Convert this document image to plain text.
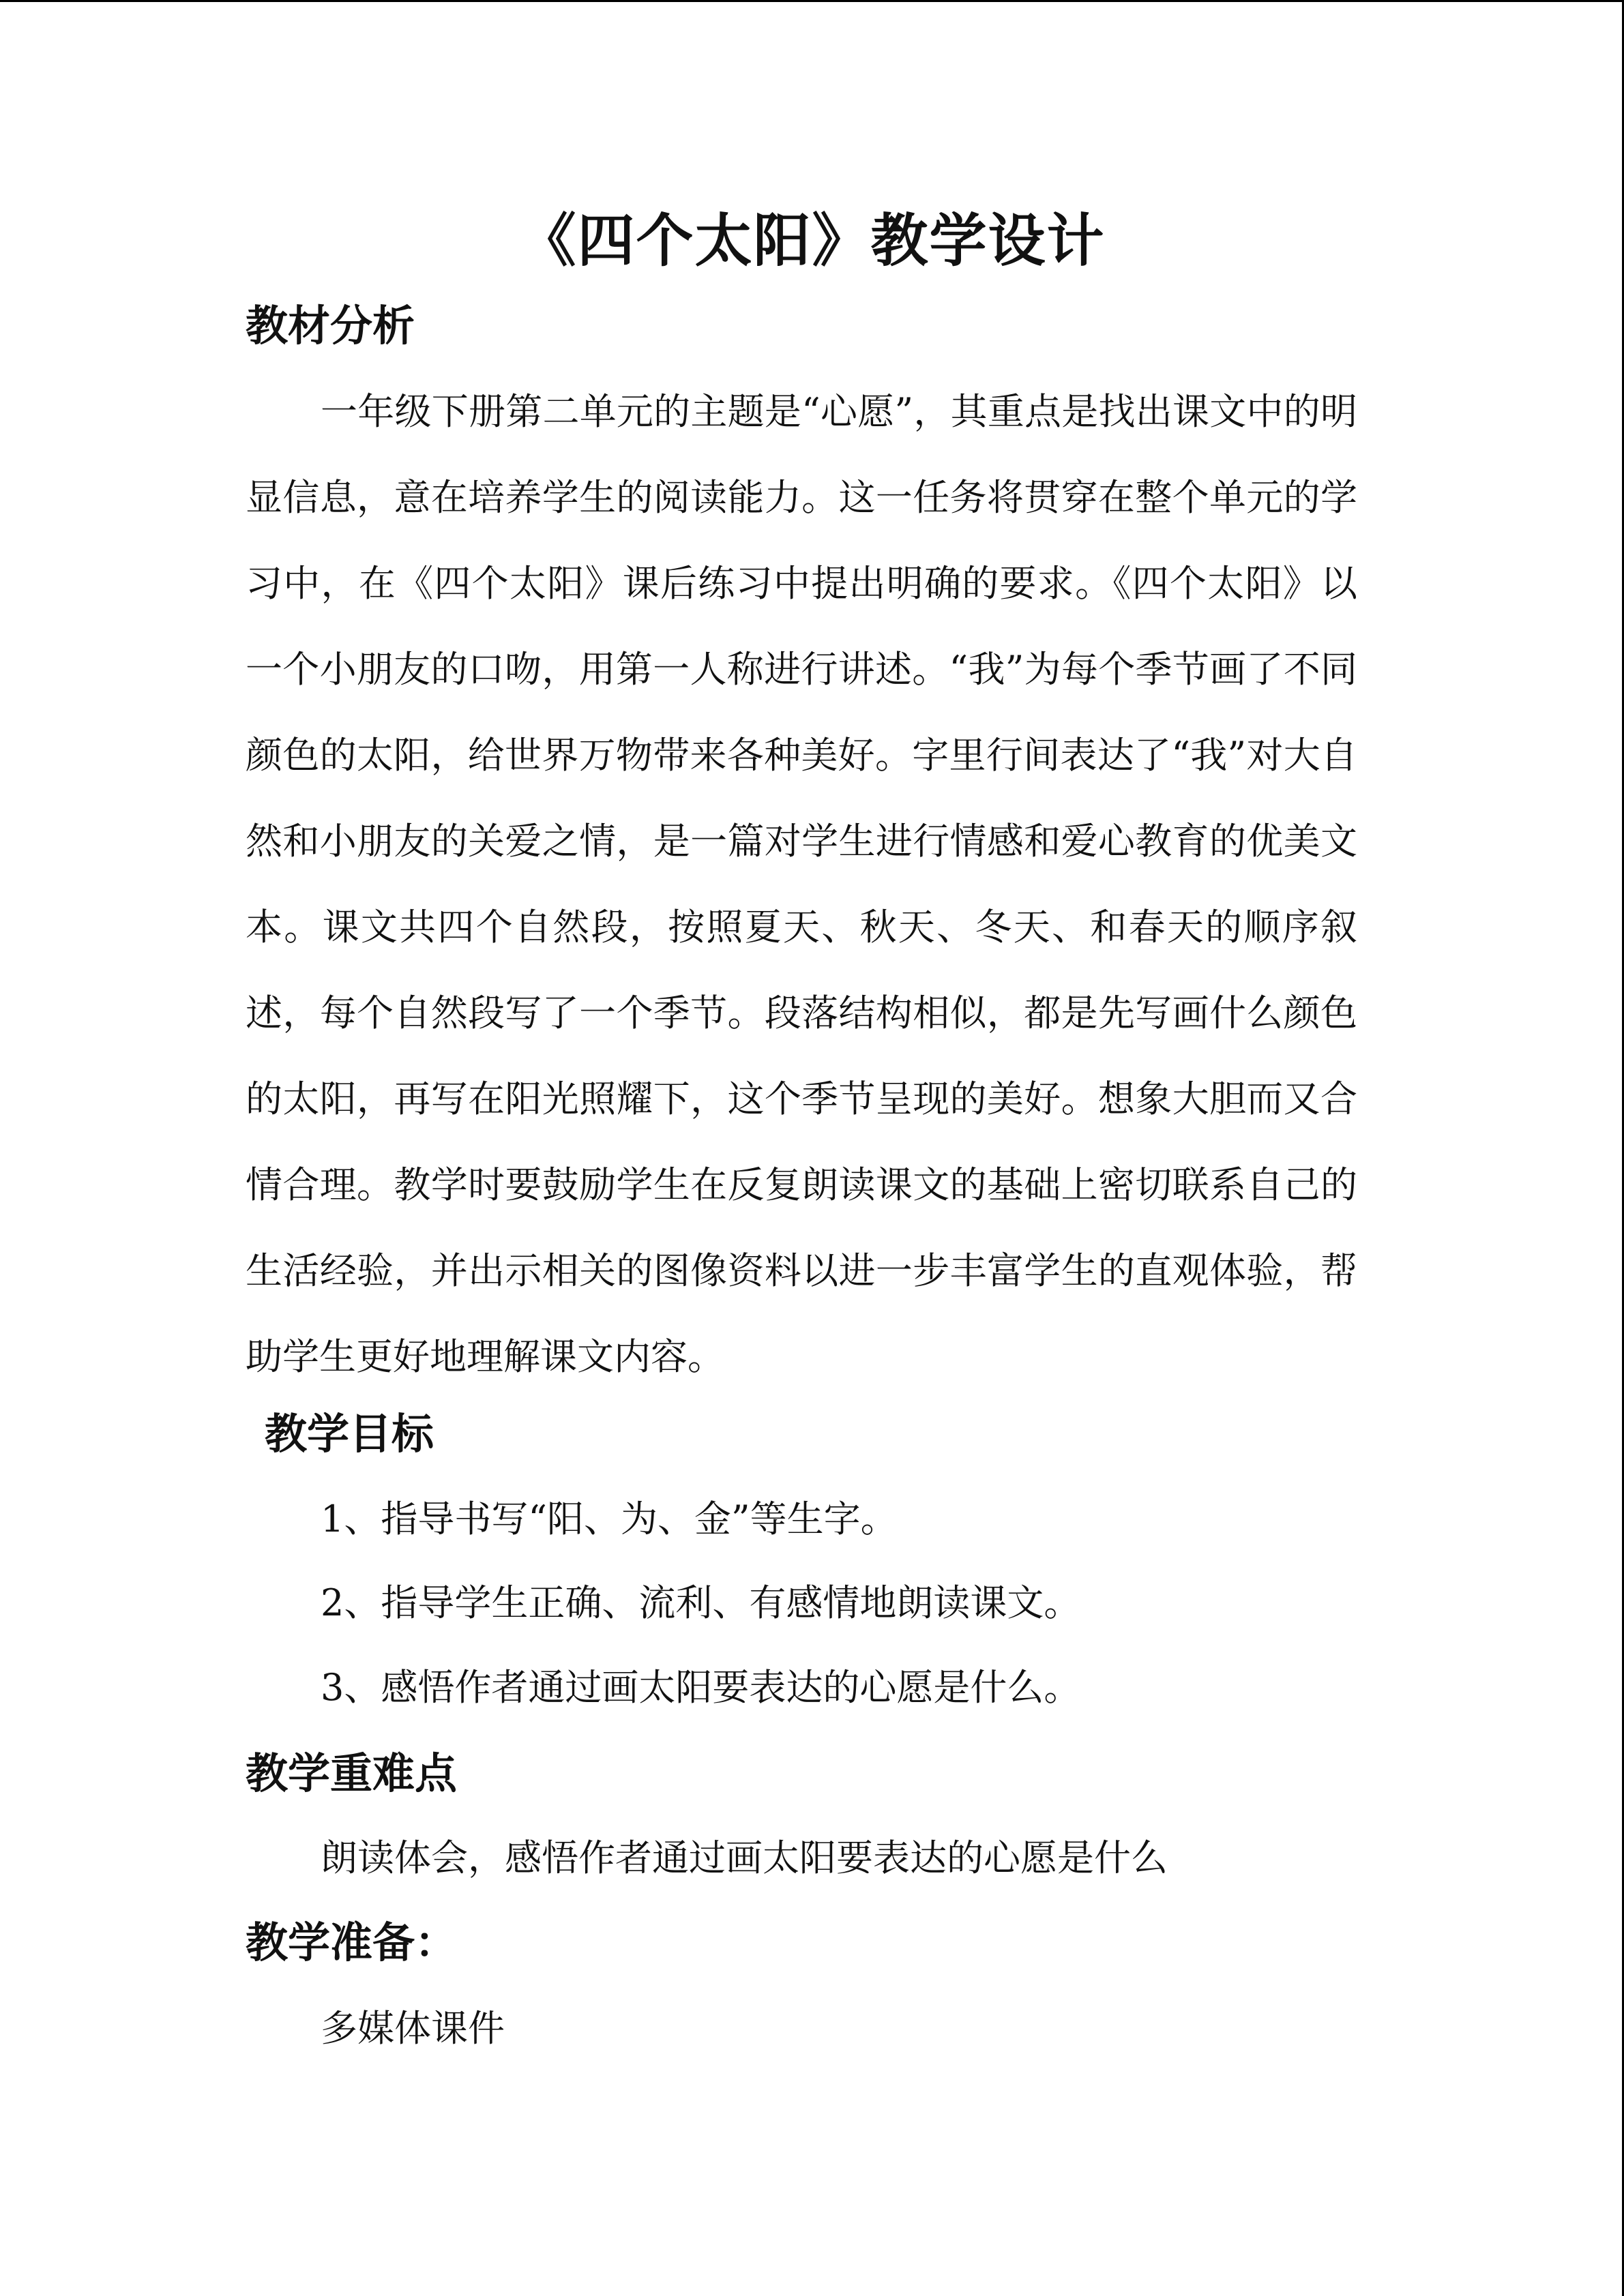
《四个太阳》教学设计
教材分析

一年级下册第二单元的主题是“心愿”，其重点是找出课文中的明显信息，意在培养学生的阅读能力。这一任务将贯穿在整个单元的学习中，在《四个太阳》课后练习中提出明确的要求。《四个太阳》以一个小朋友的口吻，用第一人称进行讲述。“我”为每个季节画了不同颜色的太阳，给世界万物带来各种美好。字里行间表达了“我”对大自然和小朋友的关爱之情，是一篇对学生进行情感和爱心教育的优美文本。课文共四个自然段，按照夏天、秋天、冬天、和春天的顺序叙述，每个自然段写了一个季节。段落结构相似，都是先写画什么颜色的太阳，再写在阳光照耀下，这个季节呈现的美好。想象大胆而又合情合理。教学时要鼓励学生在反复朗读课文的基础上密切联系自己的生活经验，并出示相关的图像资料以进一步丰富学生的直观体验，帮助学生更好地理解课文内容。

教学目标
1、指导书写“阳、为、金”等生字。
2、指导学生正确、流利、有感情地朗读课文。
3、感悟作者通过画太阳要表达的心愿是什么。
教学重难点
朗读体会，感悟作者通过画太阳要表达的心愿是什么
教学准备：
多媒体课件
